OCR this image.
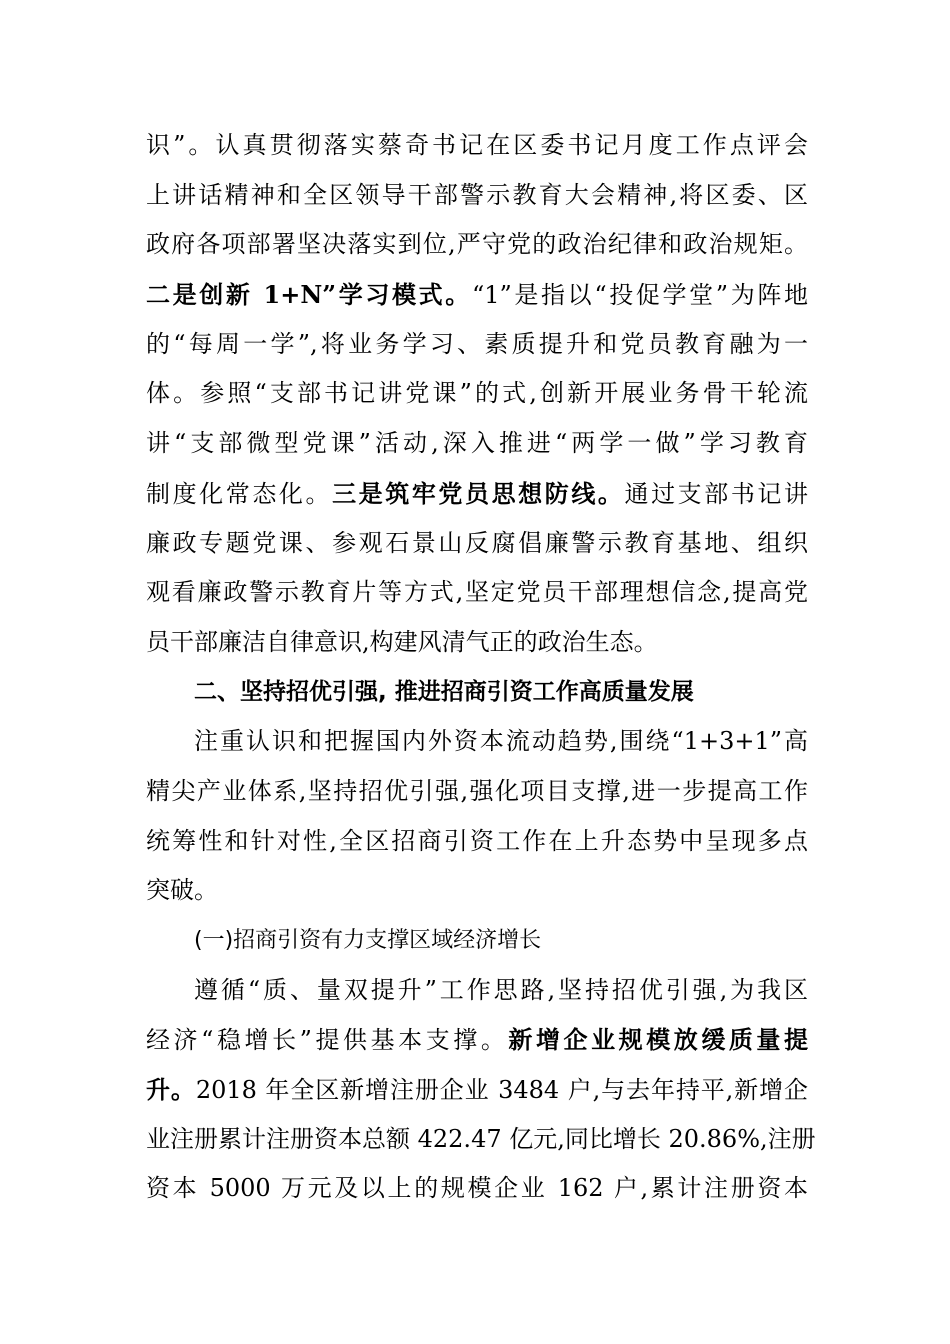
识”。认真贯彻落实蔡奇书记在区委书记月度工作点评会
上讲话精神和全区领导干部警示教育大会精神,将区委、区
政府各项部署坚决落实到位,严守党的政治纪律和政治规矩。
二是创新 1+N”学习模式。“1”是指以“投促学堂”为阵地
的“每周一学”,将业务学习、素质提升和党员教育融为一
体。参照“支部书记讲党课”的式,创新开展业务骨干轮流
讲“支部微型党课”活动,深入推进“两学一做”学习教育
制度化常态化。三是筑牢党员思想防线。通过支部书记讲
廉政专题党课、参观石景山反腐倡廉警示教育基地、组织
观看廉政警示教育片等方式,坚定党员干部理想信念,提高党
员干部廉洁自律意识,构建风清气正的政治生态。
二、坚持招优引强, 推进招商引资工作高质量发展
注重认识和把握国内外资本流动趋势,围绕“1+3+1”高
精尖产业体系,坚持招优引强,强化项目支撑,进一步提高工作
统筹性和针对性,全区招商引资工作在上升态势中呈现多点
突破。
(一)招商引资有力支撑区域经济增长
遵循“质、量双提升”工作思路,坚持招优引强,为我区
经济“稳增长”提供基本支撑。新增企业规模放缓质量提
升。2018 年全区新增注册企业 3484 户,与去年持平,新增企
业注册累计注册资本总额 422.47 亿元,同比增长 20.86%,注册
资本 5000 万元及以上的规模企业 162 户,累计注册资本
